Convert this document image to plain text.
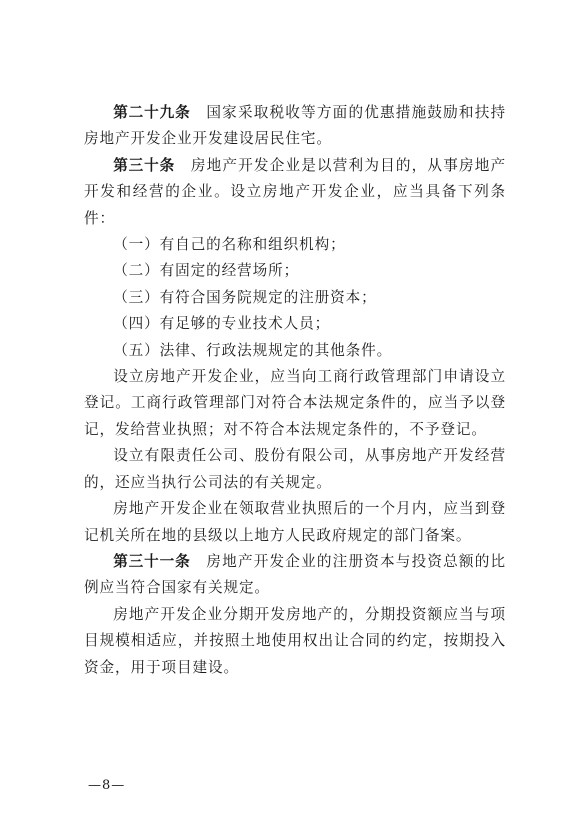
第二十九条　国家采取税收等方面的优惠措施鼓励和扶持房地产开发企业开发建设居民住宅。

第三十条　房地产开发企业是以营利为目的，从事房地产开发和经营的企业。设立房地产开发企业，应当具备下列条件：

（一）有自己的名称和组织机构；

（二）有固定的经营场所；

（三）有符合国务院规定的注册资本；

（四）有足够的专业技术人员；

（五）法律、行政法规规定的其他条件。

设立房地产开发企业，应当向工商行政管理部门申请设立登记。工商行政管理部门对符合本法规定条件的，应当予以登记，发给营业执照；对不符合本法规定条件的，不予登记。

设立有限责任公司、股份有限公司，从事房地产开发经营的，还应当执行公司法的有关规定。

房地产开发企业在领取营业执照后的一个月内，应当到登记机关所在地的县级以上地方人民政府规定的部门备案。

第三十一条　房地产开发企业的注册资本与投资总额的比例应当符合国家有关规定。

房地产开发企业分期开发房地产的，分期投资额应当与项目规模相适应，并按照土地使用权出让合同的约定，按期投入资金，用于项目建设。

—8—
